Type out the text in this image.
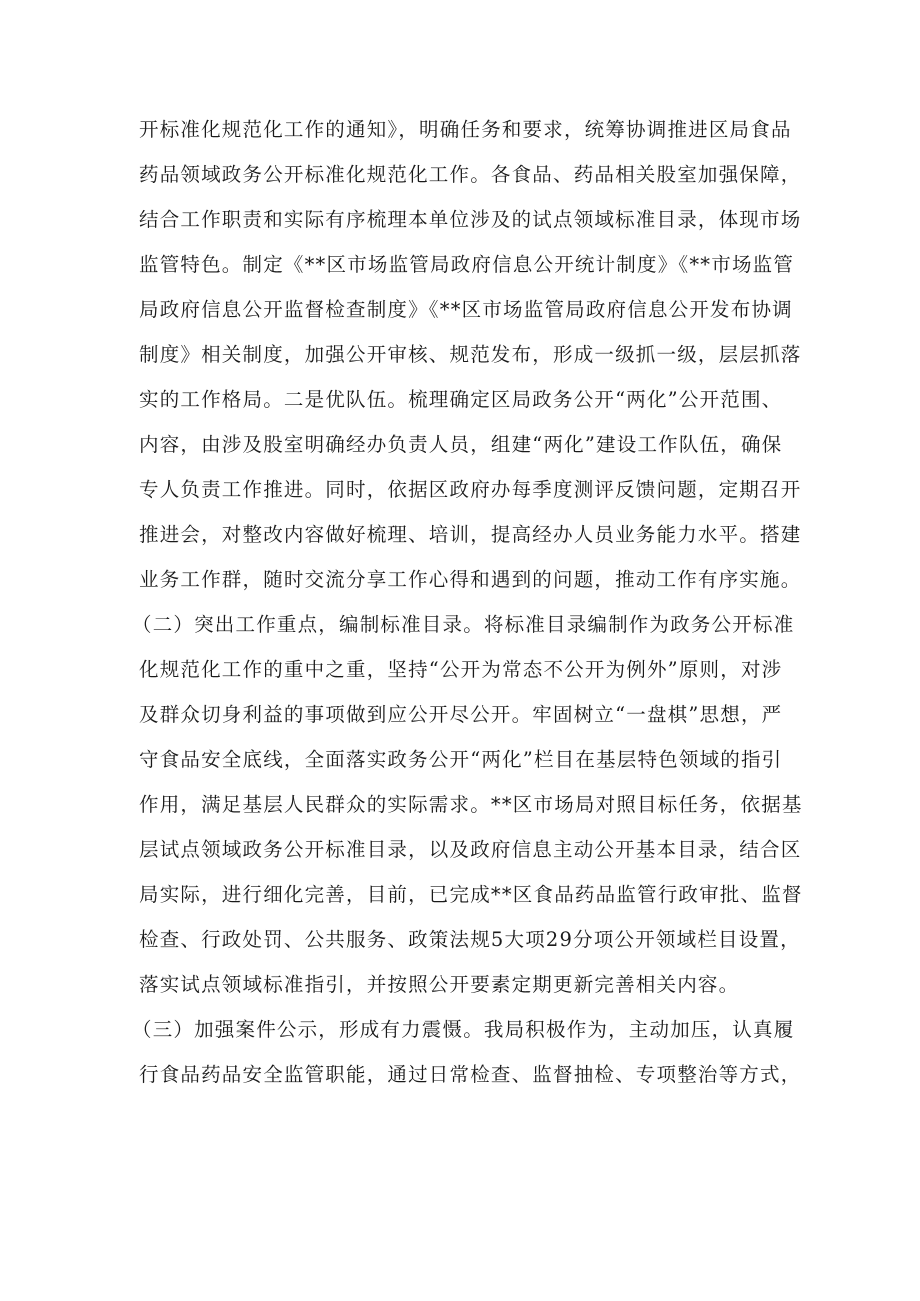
开标准化规范化工作的通知》，明确任务和要求，统筹协调推进区局食品
药品领域政务公开标准化规范化工作。各食品、药品相关股室加强保障，
结合工作职责和实际有序梳理本单位涉及的试点领域标准目录，体现市场
监管特色。制定《**区市场监管局政府信息公开统计制度》《**市场监管
局政府信息公开监督检查制度》《**区市场监管局政府信息公开发布协调
制度》相关制度，加强公开审核、规范发布，形成一级抓一级，层层抓落
实的工作格局。二是优队伍。梳理确定区局政务公开“两化”公开范围、
内容，由涉及股室明确经办负责人员，组建“两化”建设工作队伍，确保
专人负责工作推进。同时，依据区政府办每季度测评反馈问题，定期召开
推进会，对整改内容做好梳理、培训，提高经办人员业务能力水平。搭建
业务工作群，随时交流分享工作心得和遇到的问题，推动工作有序实施。
（二）突出工作重点，编制标准目录。将标准目录编制作为政务公开标准
化规范化工作的重中之重，坚持“公开为常态不公开为例外”原则，对涉
及群众切身利益的事项做到应公开尽公开。牢固树立“一盘棋”思想，严
守食品安全底线，全面落实政务公开“两化”栏目在基层特色领域的指引
作用，满足基层人民群众的实际需求。**区市场局对照目标任务，依据基
层试点领域政务公开标准目录，以及政府信息主动公开基本目录，结合区
局实际，进行细化完善，目前，已完成**区食品药品监管行政审批、监督
检查、行政处罚、公共服务、政策法规5大项29分项公开领域栏目设置，
落实试点领域标准指引，并按照公开要素定期更新完善相关内容。
（三）加强案件公示，形成有力震慑。我局积极作为，主动加压，认真履
行食品药品安全监管职能，通过日常检查、监督抽检、专项整治等方式，
